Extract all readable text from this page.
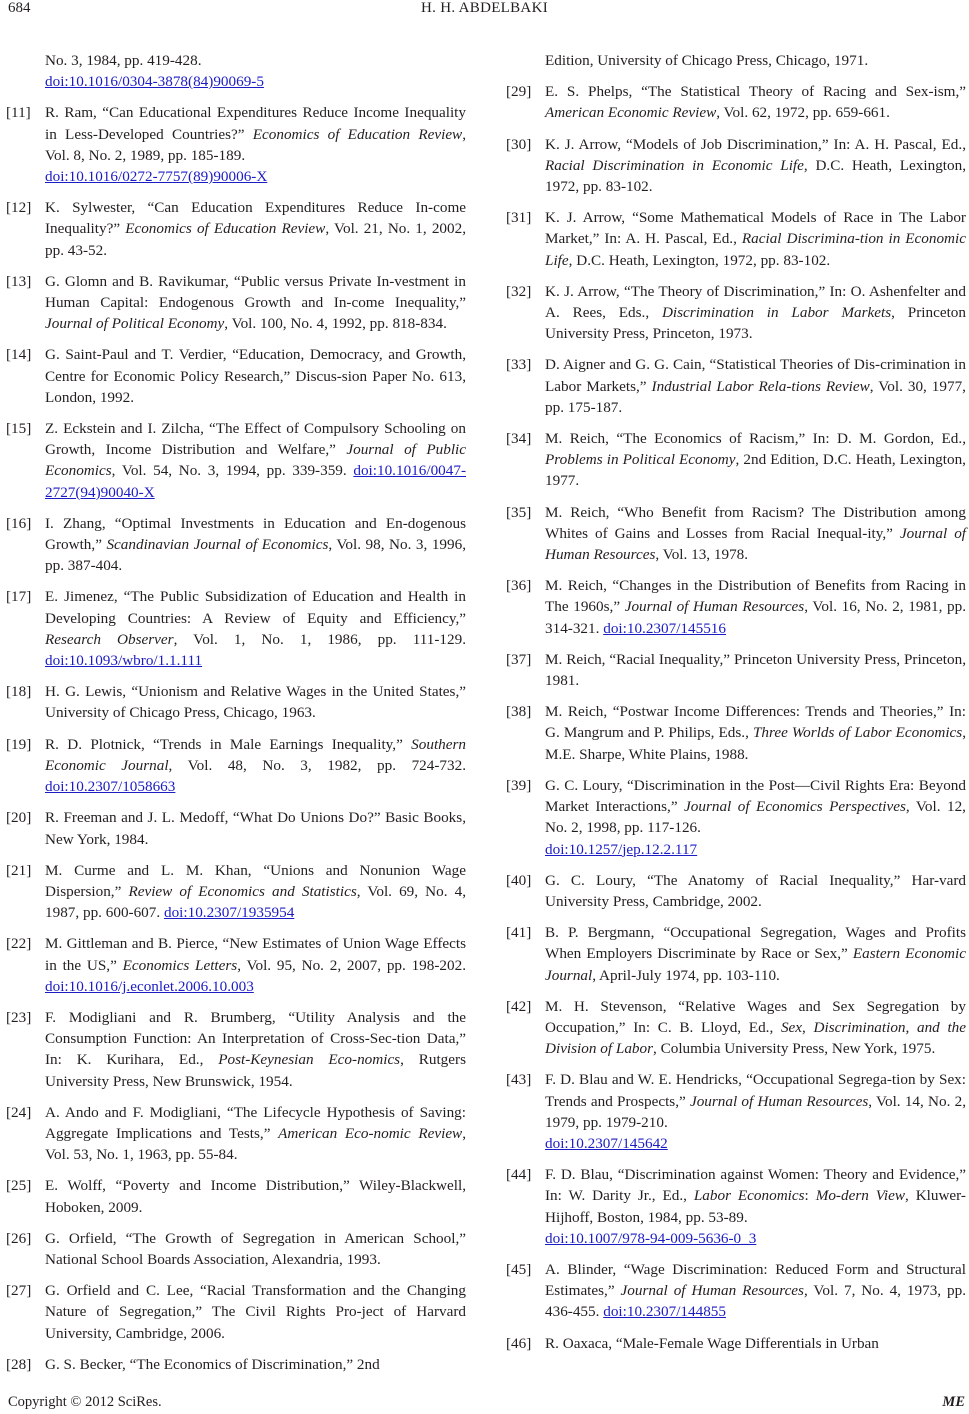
684	H. H. ABDELBAKI
No. 3, 1984, pp. 419-428.
doi:10.1016/0304-3878(84)90069-5
[11] R. Ram, “Can Educational Expenditures Reduce Income Inequality in Less-Developed Countries?” Economics of Education Review, Vol. 8, No. 2, 1989, pp. 185-189.
doi:10.1016/0272-7757(89)90006-X
[12] K. Sylwester, “Can Education Expenditures Reduce In-come Inequality?” Economics of Education Review, Vol. 21, No. 1, 2002, pp. 43-52.
[13] G. Glomn and B. Ravikumar, “Public versus Private In-vestment in Human Capital: Endogenous Growth and In-come Inequality,” Journal of Political Economy, Vol. 100, No. 4, 1992, pp. 818-834.
[14] G. Saint-Paul and T. Verdier, “Education, Democracy, and Growth, Centre for Economic Policy Research,” Discus-sion Paper No. 613, London, 1992.
[15] Z. Eckstein and I. Zilcha, “The Effect of Compulsory Schooling on Growth, Income Distribution and Welfare,” Journal of Public Economics, Vol. 54, No. 3, 1994, pp. 339-359. doi:10.1016/0047-2727(94)90040-X
[16] I. Zhang, “Optimal Investments in Education and En-dogenous Growth,” Scandinavian Journal of Economics, Vol. 98, No. 3, 1996, pp. 387-404.
[17] E. Jimenez, “The Public Subsidization of Education and Health in Developing Countries: A Review of Equity and Efficiency,” Research Observer, Vol. 1, No. 1, 1986, pp. 111-129. doi:10.1093/wbro/1.1.111
[18] H. G. Lewis, “Unionism and Relative Wages in the United States,” University of Chicago Press, Chicago, 1963.
[19] R. D. Plotnick, “Trends in Male Earnings Inequality,” Southern Economic Journal, Vol. 48, No. 3, 1982, pp. 724-732. doi:10.2307/1058663
[20] R. Freeman and J. L. Medoff, “What Do Unions Do?” Basic Books, New York, 1984.
[21] M. Curme and L. M. Khan, “Unions and Nonunion Wage Dispersion,” Review of Economics and Statistics, Vol. 69, No. 4, 1987, pp. 600-607. doi:10.2307/1935954
[22] M. Gittleman and B. Pierce, “New Estimates of Union Wage Effects in the US,” Economics Letters, Vol. 95, No. 2, 2007, pp. 198-202. doi:10.1016/j.econlet.2006.10.003
[23] F. Modigliani and R. Brumberg, “Utility Analysis and the Consumption Function: An Interpretation of Cross-Sec-tion Data,” In: K. Kurihara, Ed., Post-Keynesian Eco-nomics, Rutgers University Press, New Brunswick, 1954.
[24] A. Ando and F. Modigliani, “The Lifecycle Hypothesis of Saving: Aggregate Implications and Tests,” American Eco-nomic Review, Vol. 53, No. 1, 1963, pp. 55-84.
[25] E. Wolff, “Poverty and Income Distribution,” Wiley-Blackwell, Hoboken, 2009.
[26] G. Orfield, “The Growth of Segregation in American School,” National School Boards Association, Alexandria, 1993.
[27] G. Orfield and C. Lee, “Racial Transformation and the Changing Nature of Segregation,” The Civil Rights Pro-ject of Harvard University, Cambridge, 2006.
[28] G. S. Becker, “The Economics of Discrimination,” 2nd
Edition, University of Chicago Press, Chicago, 1971.
[29] E. S. Phelps, “The Statistical Theory of Racing and Sex-ism,” American Economic Review, Vol. 62, 1972, pp. 659-661.
[30] K. J. Arrow, “Models of Job Discrimination,” In: A. H. Pascal, Ed., Racial Discrimination in Economic Life, D.C. Heath, Lexington, 1972, pp. 83-102.
[31] K. J. Arrow, “Some Mathematical Models of Race in The Labor Market,” In: A. H. Pascal, Ed., Racial Discrimina-tion in Economic Life, D.C. Heath, Lexington, 1972, pp. 83-102.
[32] K. J. Arrow, “The Theory of Discrimination,” In: O. Ashenfelter and A. Rees, Eds., Discrimination in Labor Markets, Princeton University Press, Princeton, 1973.
[33] D. Aigner and G. G. Cain, “Statistical Theories of Dis-crimination in Labor Markets,” Industrial Labor Rela-tions Review, Vol. 30, 1977, pp. 175-187.
[34] M. Reich, “The Economics of Racism,” In: D. M. Gordon, Ed., Problems in Political Economy, 2nd Edition, D.C. Heath, Lexington, 1977.
[35] M. Reich, “Who Benefit from Racism? The Distribution among Whites of Gains and Losses from Racial Inequal-ity,” Journal of Human Resources, Vol. 13, 1978.
[36] M. Reich, “Changes in the Distribution of Benefits from Racing in The 1960s,” Journal of Human Resources, Vol. 16, No. 2, 1981, pp. 314-321. doi:10.2307/145516
[37] M. Reich, “Racial Inequality,” Princeton University Press, Princeton, 1981.
[38] M. Reich, “Postwar Income Differences: Trends and Theories,” In: G. Mangrum and P. Philips, Eds., Three Worlds of Labor Economics, M.E. Sharpe, White Plains, 1988.
[39] G. C. Loury, “Discrimination in the Post—Civil Rights Era: Beyond Market Interactions,” Journal of Economics Perspectives, Vol. 12, No. 2, 1998, pp. 117-126.
doi:10.1257/jep.12.2.117
[40] G. C. Loury, “The Anatomy of Racial Inequality,” Har-vard University Press, Cambridge, 2002.
[41] B. P. Bergmann, “Occupational Segregation, Wages and Profits When Employers Discriminate by Race or Sex,” Eastern Economic Journal, April-July 1974, pp. 103-110.
[42] M. H. Stevenson, “Relative Wages and Sex Segregation by Occupation,” In: C. B. Lloyd, Ed., Sex, Discrimination, and the Division of Labor, Columbia University Press, New York, 1975.
[43] F. D. Blau and W. E. Hendricks, “Occupational Segrega-tion by Sex: Trends and Prospects,” Journal of Human Resources, Vol. 14, No. 2, 1979, pp. 1979-210.
doi:10.2307/145642
[44] F. D. Blau, “Discrimination against Women: Theory and Evidence,” In: W. Darity Jr., Ed., Labor Economics: Mo-dern View, Kluwer-Hijhoff, Boston, 1984, pp. 53-89.
doi:10.1007/978-94-009-5636-0_3
[45] A. Blinder, “Wage Discrimination: Reduced Form and Structural Estimates,” Journal of Human Resources, Vol. 7, No. 4, 1973, pp. 436-455. doi:10.2307/144855
[46] R. Oaxaca, “Male-Female Wage Differentials in Urban
Copyright © 2012 SciRes.	ME
